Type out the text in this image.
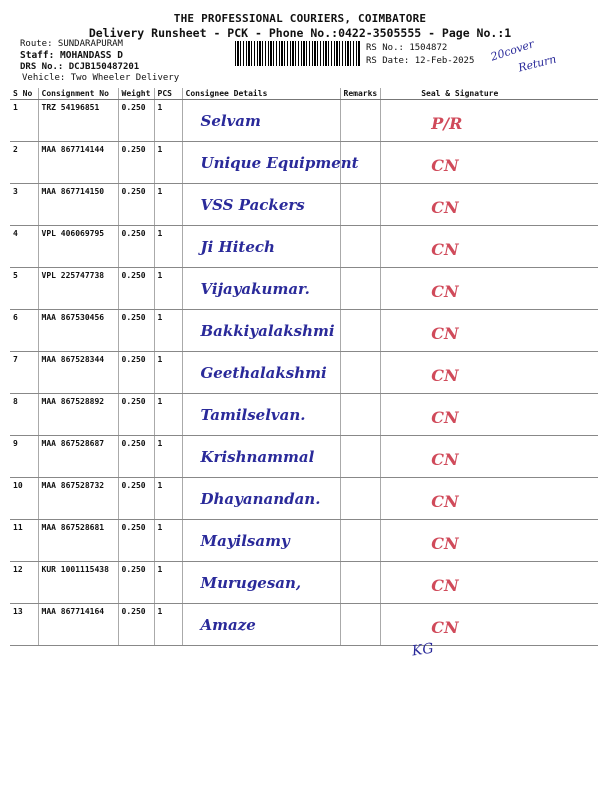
THE PROFESSIONAL COURIERS, COIMBATORE
Delivery Runsheet - PCK - Phone No.:0422-3505555 - Page No.:1
Route: SUNDARAPURAM
Staff: MOHANDASS D
DRS No.: DCJB150487201
Vehicle: Two Wheeler Delivery
RS No.: 1504872
RS Date: 12-Feb-2025 20cover
Return
S No	Consignment No	Weight	PCS	Consignee Details	Remarks	Seal & Signature
1	TRZ 54196851	0.250	1	Selvam		P/R

2	MAA 867714144	0.250	1	Unique Equipment		CN

3	MAA 867714150	0.250	1	VSS Packers		CN

4	VPL 406069795	0.250	1	Ji Hitech		CN

5	VPL 225747738	0.250	1	Vijayakumar.		CN

6	MAA 867530456	0.250	1	Bakkiyalakshmi		CN

7	MAA 867528344	0.250	1	Geethalakshmi		CN

8	MAA 867528892	0.250	1	Tamilselvan.		CN

9	MAA 867528687	0.250	1	Krishnammal		CN

10	MAA 867528732	0.250	1	Dhayanandan.		CN

11	MAA 867528681	0.250	1	Mayilsamy		CN

12	KUR 1001115438	0.250	1	Murugesan,		CN

13	MAA 867714164	0.250	1	Amaze		CN
KG
